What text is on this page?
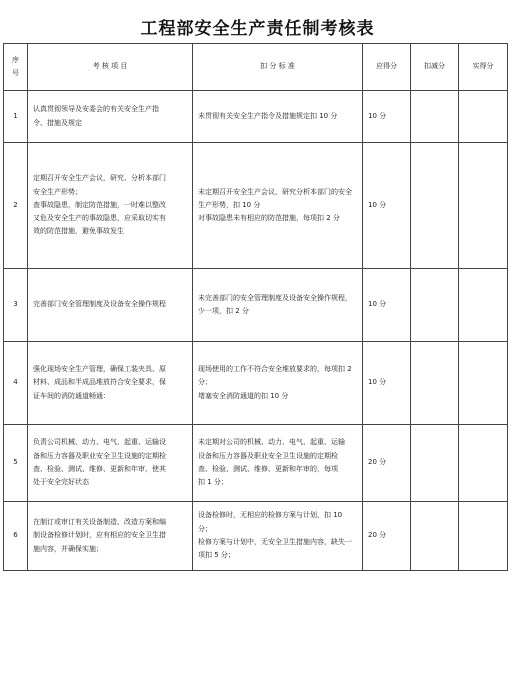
工程部安全生产责任制考核表
序
号	考 核 项 目	扣 分 标 准	应得分	扣减分	实得分
1	认真贯彻领导及安委会的有关安全生产指
令、措施及规定	未贯彻有关安全生产指令及措施规定扣 10 分	10 分		
2	定期召开安全生产会议，研究、分析本部门
安全生产形势；
查事故隐患，制定防范措施，一时难以整改
又危及安全生产的事故隐患，应采取切实有
效的防范措施，避免事故发生	未定期召开安全生产会议，研究分析本部门的安全
生产形势，扣 10 分
对事故隐患未有相应的防范措施，每项扣 2 分	10 分		
3	完善部门安全管理制度及设备安全操作规程	未完善部门的安全管理制度及设备安全操作规程，
少一项，扣 2 分	10 分		
4	强化现场安全生产管理，确保工装夹具、原
材料、成品和半成品堆放符合安全要求，保
证车间的消防通道畅通：	现场使用的工作不符合安全堆放要求的，每项扣 2
分；
堵塞安全消防通道的扣 10 分	10 分		
5	负责公司机械、动力、电气、起重、运输设
备和压力容器及职业安全卫生设施的定期检
查、检验、测试、维修、更新和年审，使其
处于安全完好状态	未定期对公司的机械、动力、电气、起重、运输
设备和压力容器及职业安全卫生设施的定期检
查、检验、测试、维修、更新和年审的，每项
扣 1 分；	20 分		
6	在制订或审订有关设备制造、改造方案和编
制设备检修计划时，应有相应的安全卫生措
施内容，并确保实施；	设备检修时，无相应的检修方案与计划，扣 10 分；
检修方案与计划中，无安全卫生措施内容，缺失一
项扣 5 分；	20 分		
